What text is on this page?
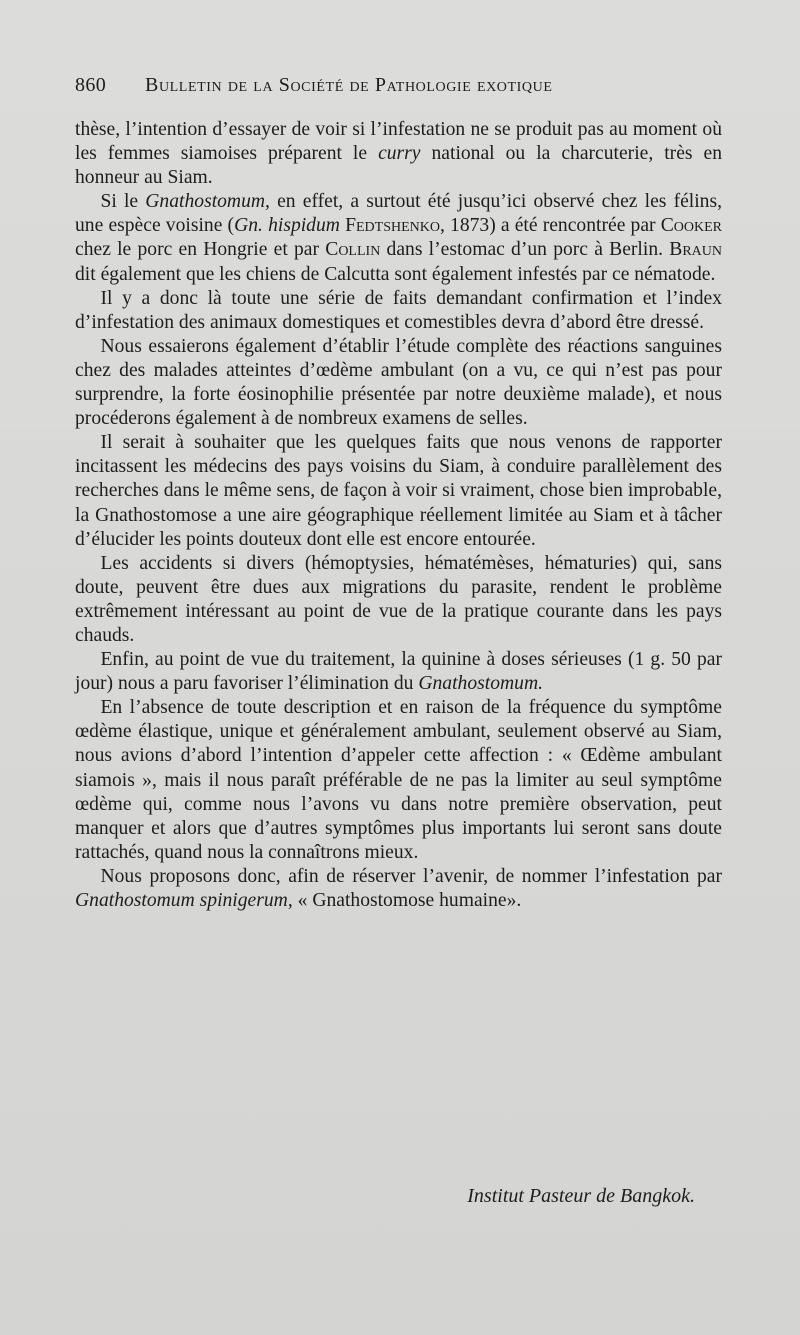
860 Bulletin de la Société de Pathologie exotique

thèse, l’intention d’essayer de voir si l’infestation ne se produit pas au moment où les femmes siamoises préparent le curry national ou la charcuterie, très en honneur au Siam.

Si le Gnathostomum, en effet, a surtout été jusqu’ici observé chez les félins, une espèce voisine (Gn. hispidum Fedtshenko, 1873) a été rencontrée par Cooker chez le porc en Hongrie et par Collin dans l’estomac d’un porc à Berlin. Braun dit également que les chiens de Calcutta sont également infestés par ce nématode.

Il y a donc là toute une série de faits demandant confirmation et l’index d’infestation des animaux domestiques et comestibles devra d’abord être dressé.

Nous essaierons également d’établir l’étude complète des réactions sanguines chez des malades atteintes d’œdème ambulant (on a vu, ce qui n’est pas pour surprendre, la forte éosinophilie présentée par notre deuxième malade), et nous procéderons également à de nombreux examens de selles.

Il serait à souhaiter que les quelques faits que nous venons de rapporter incitassent les médecins des pays voisins du Siam, à conduire parallèlement des recherches dans le même sens, de façon à voir si vraiment, chose bien improbable, la Gnathostomose a une aire géographique réellement limitée au Siam et à tâcher d’élucider les points douteux dont elle est encore entourée.

Les accidents si divers (hémoptysies, hématémèses, hématuries) qui, sans doute, peuvent être dues aux migrations du parasite, rendent le problème extrêmement intéressant au point de vue de la pratique courante dans les pays chauds.

Enfin, au point de vue du traitement, la quinine à doses sérieuses (1 g. 50 par jour) nous a paru favoriser l’élimination du Gnathostomum.

En l’absence de toute description et en raison de la fréquence du symptôme œdème élastique, unique et généralement ambulant, seulement observé au Siam, nous avions d’abord l’intention d’appeler cette affection : « Œdème ambulant siamois », mais il nous paraît préférable de ne pas la limiter au seul symptôme œdème qui, comme nous l’avons vu dans notre première observation, peut manquer et alors que d’autres symptômes plus importants lui seront sans doute rattachés, quand nous la connaîtrons mieux.

Nous proposons donc, afin de réserver l’avenir, de nommer l’infestation par Gnathostomum spinigerum, « Gnathostomose humaine».

Institut Pasteur de Bangkok.
